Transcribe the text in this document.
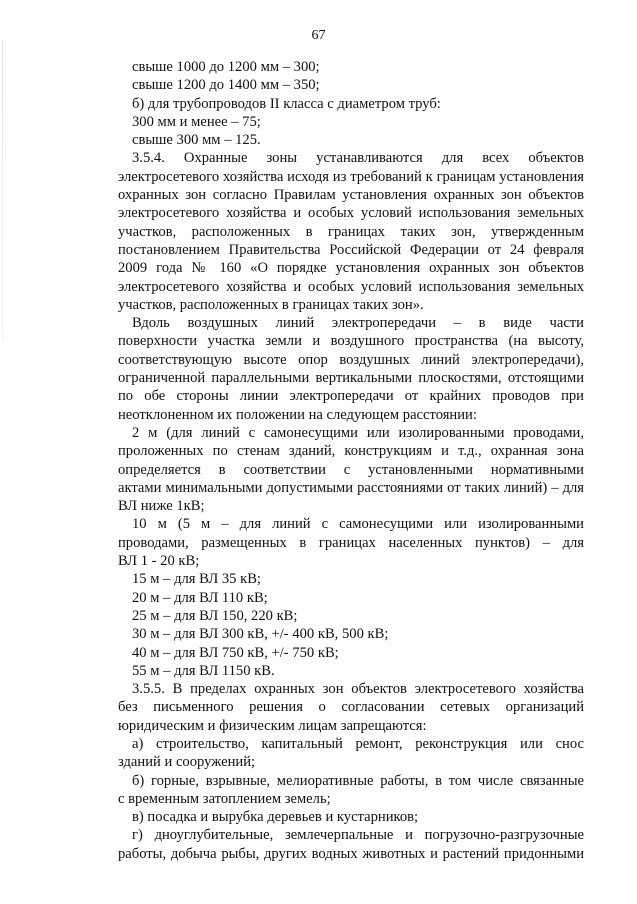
67
свыше 1000 до 1200 мм – 300;
свыше 1200 до 1400 мм – 350;
б) для трубопроводов II класса с диаметром труб:
300 мм и менее – 75;
свыше 300 мм – 125.
3.5.4. Охранные зоны устанавливаются для всех объектов
электросетевого хозяйства исходя из требований к границам установления
охранных зон согласно Правилам установления охранных зон объектов
электросетевого хозяйства и особых условий использования земельных
участков, расположенных в границах таких зон, утвержденным
постановлением Правительства Российской Федерации от 24 февраля
2009 года № 160 «О порядке установления охранных зон объектов
электросетевого хозяйства и особых условий использования земельных
участков, расположенных в границах таких зон».
Вдоль воздушных линий электропередачи – в виде части
поверхности участка земли и воздушного пространства (на высоту,
соответствующую высоте опор воздушных линий электропередачи),
ограниченной параллельными вертикальными плоскостями, отстоящими
по обе стороны линии электропередачи от крайних проводов при
неотклоненном их положении на следующем расстоянии:
2 м (для линий с самонесущими или изолированными проводами,
проложенных по стенам зданий, конструкциям и т.д., охранная зона
определяется в соответствии с установленными нормативными
актами минимальными допустимыми расстояниями от таких линий) – для
ВЛ ниже 1кВ;
10 м (5 м – для линий с самонесущими или изолированными
проводами, размещенных в границах населенных пунктов) – для
ВЛ 1 - 20 кВ;
15 м – для ВЛ 35 кВ;
20 м – для ВЛ 110 кВ;
25 м – для ВЛ 150, 220 кВ;
30 м – для ВЛ 300 кВ, +/- 400 кВ, 500 кВ;
40 м – для ВЛ 750 кВ, +/- 750 кВ;
55 м – для ВЛ 1150 кВ.
3.5.5. В пределах охранных зон объектов электросетевого хозяйства
без письменного решения о согласовании сетевых организаций
юридическим и физическим лицам запрещаются:
а) строительство, капитальный ремонт, реконструкция или снос
зданий и сооружений;
б) горные, взрывные, мелиоративные работы, в том числе связанные
с временным затоплением земель;
в) посадка и вырубка деревьев и кустарников;
г) дноуглубительные, землечерпальные и погрузочно-разгрузочные
работы, добыча рыбы, других водных животных и растений придонными
